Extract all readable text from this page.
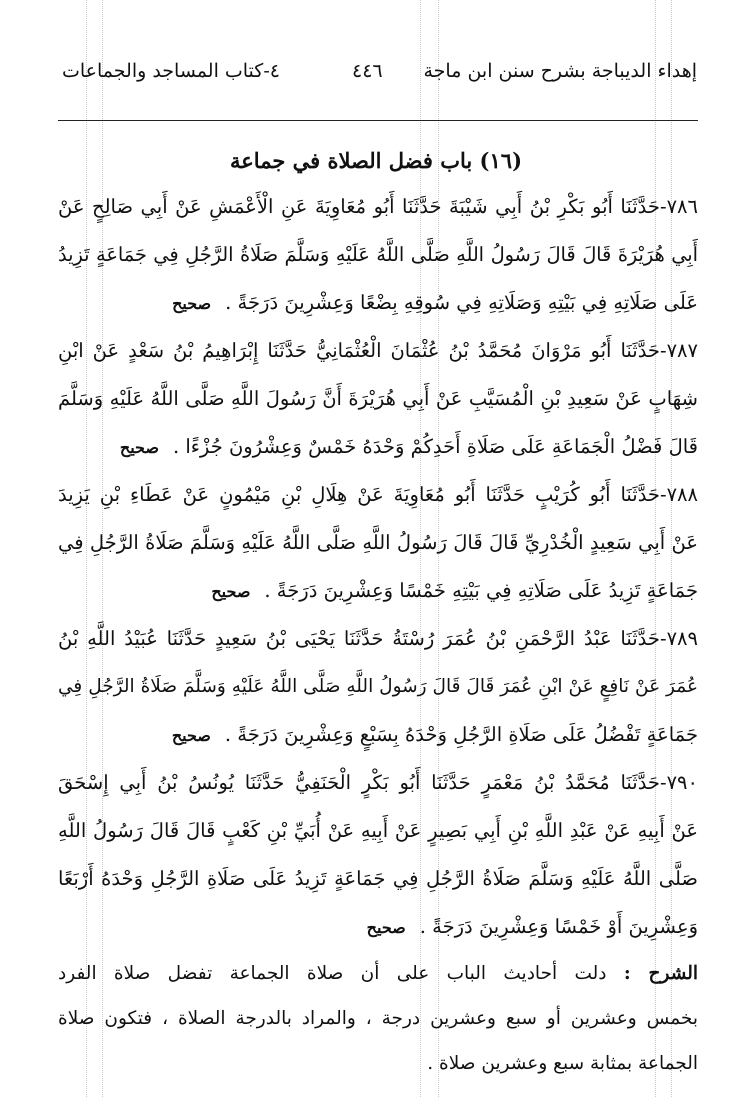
إهداء الديباجة بشرح سنن ابن ماجة
٤٤٦
٤-كتاب المساجد والجماعات
(١٦) باب فضل الصلاة في جماعة
٧٨٦-حَدَّثَنَا أَبُو بَكْرِ بْنُ أَبِي شَيْبَةَ حَدَّثَنَا أَبُو مُعَاوِيَةَ عَنِ الْأَعْمَشِ عَنْ أَبِي صَالِحٍ عَنْ
أَبِي هُرَيْرَةَ قَالَ قَالَ رَسُولُ اللَّهِ صَلَّى اللَّهُ عَلَيْهِ وَسَلَّمَ صَلَاةُ الرَّجُلِ فِي جَمَاعَةٍ تَزِيدُ
عَلَى صَلَاتِهِ فِي بَيْتِهِ وَصَلَاتِهِ فِي سُوقِهِ بِضْعًا وَعِشْرِينَ دَرَجَةً .صحيح
٧٨٧-حَدَّثَنَا أَبُو مَرْوَانَ مُحَمَّدُ بْنُ عُثْمَانَ الْعُثْمَانِيُّ حَدَّثَنَا إِبْرَاهِيمُ بْنُ سَعْدٍ عَنْ ابْنِ
شِهَابٍ عَنْ سَعِيدِ بْنِ الْمُسَيَّبِ عَنْ أَبِي هُرَيْرَةَ أَنَّ رَسُولَ اللَّهِ صَلَّى اللَّهُ عَلَيْهِ وَسَلَّمَ
قَالَ فَضْلُ الْجَمَاعَةِ عَلَى صَلَاةِ أَحَدِكُمْ وَحْدَهُ خَمْسٌ وَعِشْرُونَ جُزْءًا .صحيح
٧٨٨-حَدَّثَنَا أَبُو كُرَيْبٍ حَدَّثَنَا أَبُو مُعَاوِيَةَ عَنْ هِلَالِ بْنِ مَيْمُونٍ عَنْ عَطَاءِ بْنِ يَزِيدَ
عَنْ أَبِي سَعِيدٍ الْخُدْرِيِّ قَالَ قَالَ رَسُولُ اللَّهِ صَلَّى اللَّهُ عَلَيْهِ وَسَلَّمَ صَلَاةُ الرَّجُلِ فِي
جَمَاعَةٍ تَزِيدُ عَلَى صَلَاتِهِ فِي بَيْتِهِ خَمْسًا وَعِشْرِينَ دَرَجَةً .صحيح
٧٨٩-حَدَّثَنَا عَبْدُ الرَّحْمَنِ بْنُ عُمَرَ رُسْتَةُ حَدَّثَنَا يَحْيَى بْنُ سَعِيدٍ حَدَّثَنَا عُبَيْدُ اللَّهِ بْنُ
عُمَرَ عَنْ نَافِعٍ عَنْ ابْنِ عُمَرَ قَالَ قَالَ رَسُولُ اللَّهِ صَلَّى اللَّهُ عَلَيْهِ وَسَلَّمَ صَلَاةُ الرَّجُلِ فِي
جَمَاعَةٍ تَفْضُلُ عَلَى صَلَاةِ الرَّجُلِ وَحْدَهُ بِسَبْعٍ وَعِشْرِينَ دَرَجَةً .صحيح
٧٩٠-حَدَّثَنَا مُحَمَّدُ بْنُ مَعْمَرٍ حَدَّثَنَا أَبُو بَكْرٍ الْحَنَفِيُّ حَدَّثَنَا يُونُسُ بْنُ أَبِي إِسْحَقَ
عَنْ أَبِيهِ عَنْ عَبْدِ اللَّهِ بْنِ أَبِي بَصِيرٍ عَنْ أَبِيهِ عَنْ أُبَيِّ بْنِ كَعْبٍ قَالَ قَالَ رَسُولُ اللَّهِ
صَلَّى اللَّهُ عَلَيْهِ وَسَلَّمَ صَلَاةُ الرَّجُلِ فِي جَمَاعَةٍ تَزِيدُ عَلَى صَلَاةِ الرَّجُلِ وَحْدَهُ أَرْبَعًا
وَعِشْرِينَ أَوْ خَمْسًا وَعِشْرِينَ دَرَجَةً .صحيح
الشرح : دلت أحاديث الباب على أن صلاة الجماعة تفضل صلاة الفرد
بخمس وعشرين أو سبع وعشرين درجة ، والمراد بالدرجة الصلاة ، فتكون صلاة
الجماعة بمثابة سبع وعشرين صلاة .
